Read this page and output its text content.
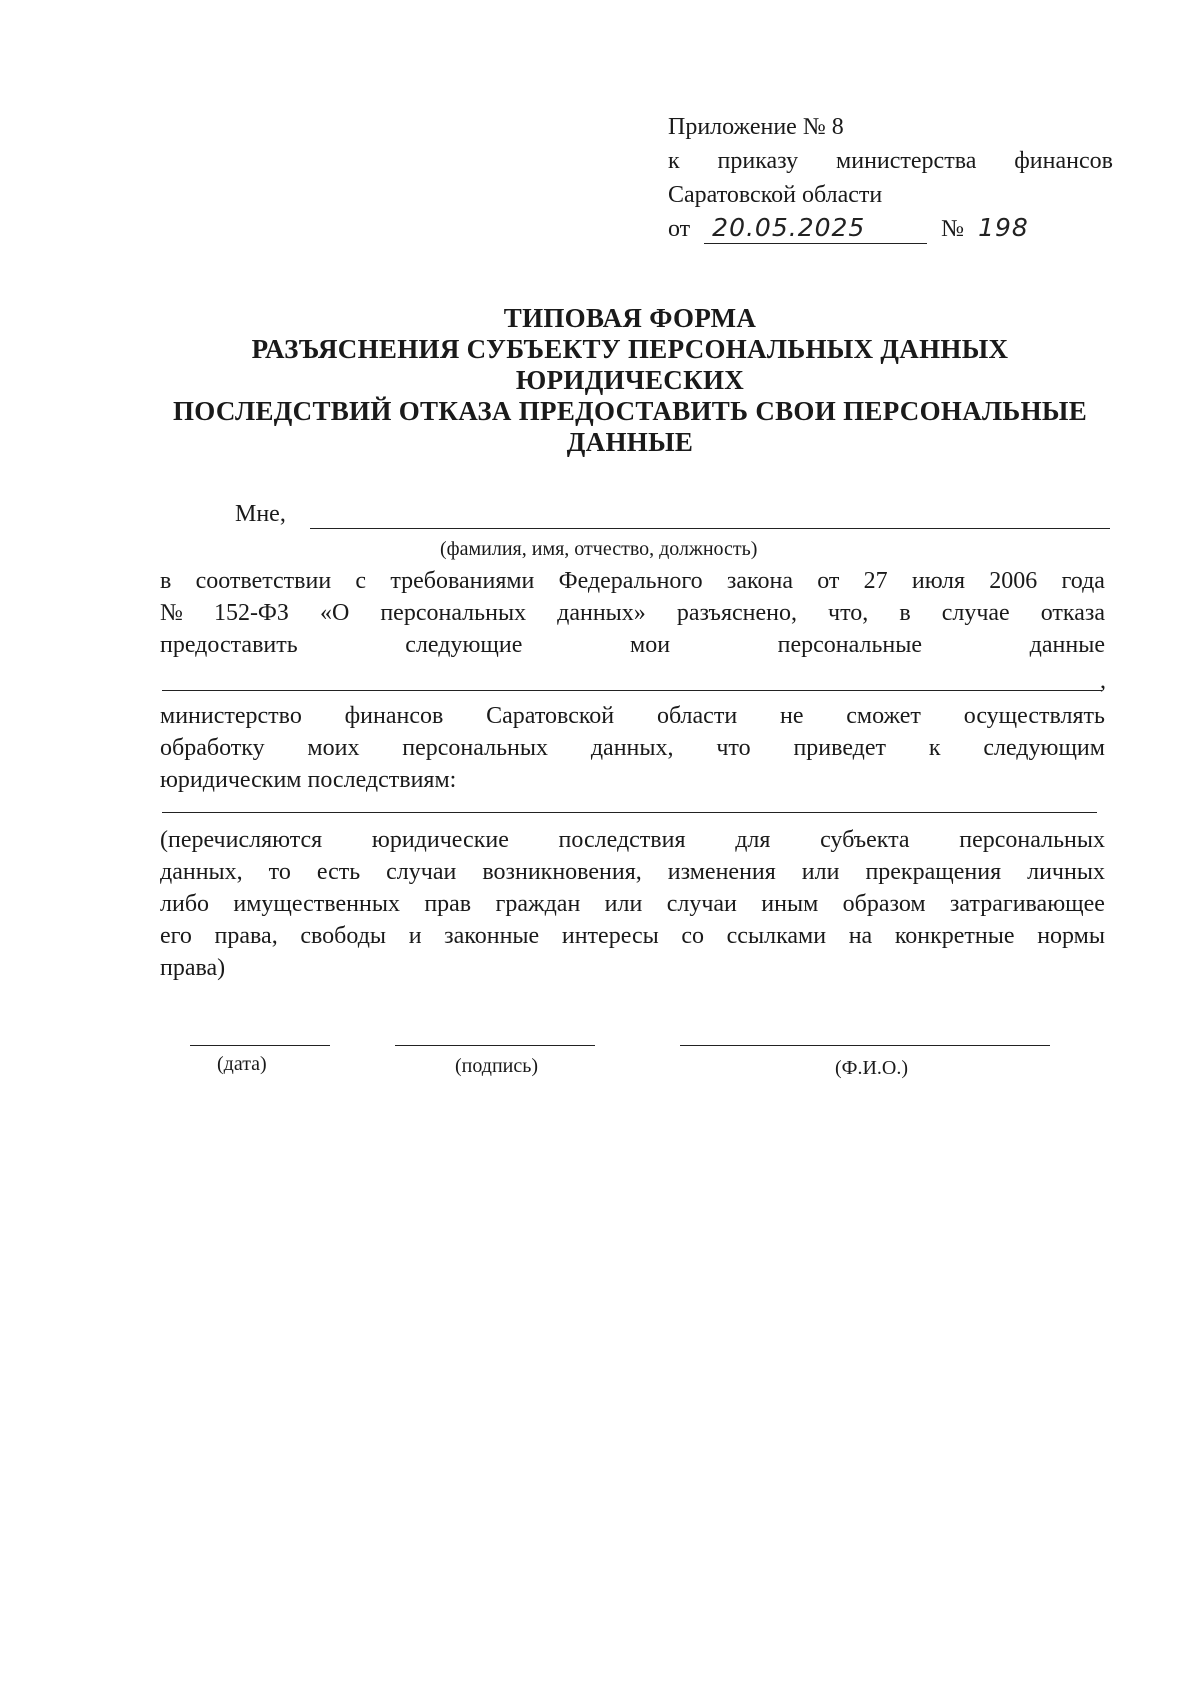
Приложение № 8
к приказу министерства финансов
Саратовской области
от 20.05.2025	№ 198
ТИПОВАЯ ФОРМА
РАЗЪЯСНЕНИЯ СУБЪЕКТУ ПЕРСОНАЛЬНЫХ ДАННЫХ
ЮРИДИЧЕСКИХ
ПОСЛЕДСТВИЙ ОТКАЗА ПРЕДОСТАВИТЬ СВОИ ПЕРСОНАЛЬНЫЕ
ДАННЫЕ
Мне,
(фамилия, имя, отчество, должность)
в соответствии с требованиями Федерального закона от 27 июля 2006 года
№ 152-ФЗ «О персональных данных» разъяснено, что, в случае отказа
предоставить	следующие	мои	персональные	данные
,
министерство финансов Саратовской области не сможет осуществлять
обработку моих персональных данных, что приведет к следующим
юридическим последствиям:
(перечисляются юридические последствия для субъекта персональных
данных, то есть случаи возникновения, изменения или прекращения личных
либо имущественных прав граждан или случаи иным образом затрагивающее
его права, свободы и законные интересы со ссылками на конкретные нормы
права)
(дата)	(подпись)	(Ф.И.О.)
